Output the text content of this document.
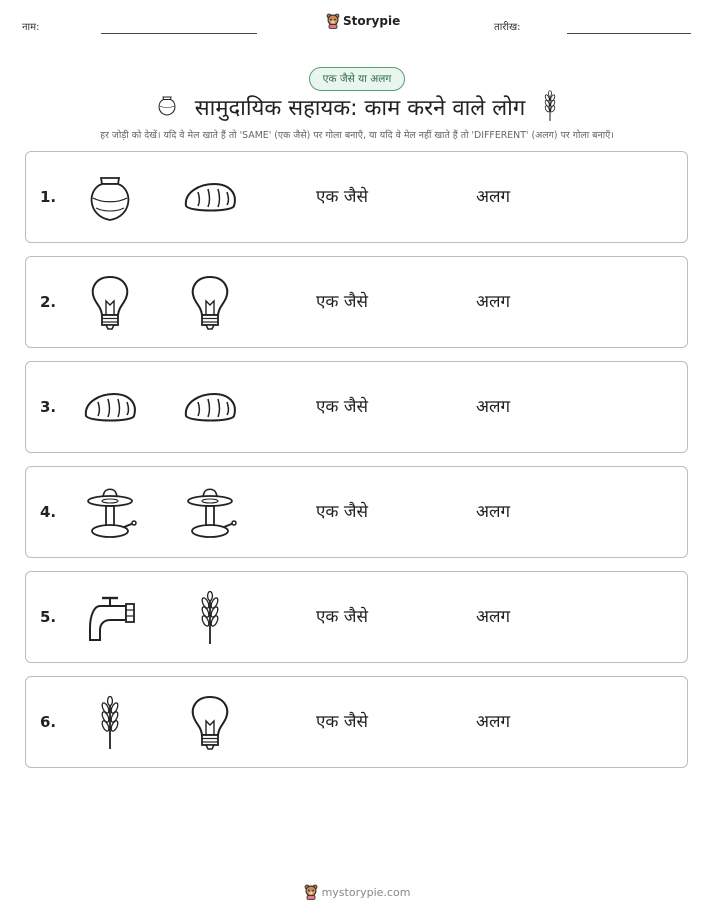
नाम:	Storypie	तारीख:
एक जैसे या अलग
सामुदायिक सहायक: काम करने वाले लोग
हर जोड़ी को देखें। यदि वे मेल खाते हैं तो 'SAME' (एक जैसे) पर गोला बनाएँ, या यदि वे मेल नहीं खाते हैं तो 'DIFFERENT' (अलग) पर गोला बनाएँ।
1.	एक जैसे	अलग
2.	एक जैसे	अलग
3.	एक जैसे	अलग
4.	एक जैसे	अलग
5.	एक जैसे	अलग
6.	एक जैसे	अलग
mystorypie.com
